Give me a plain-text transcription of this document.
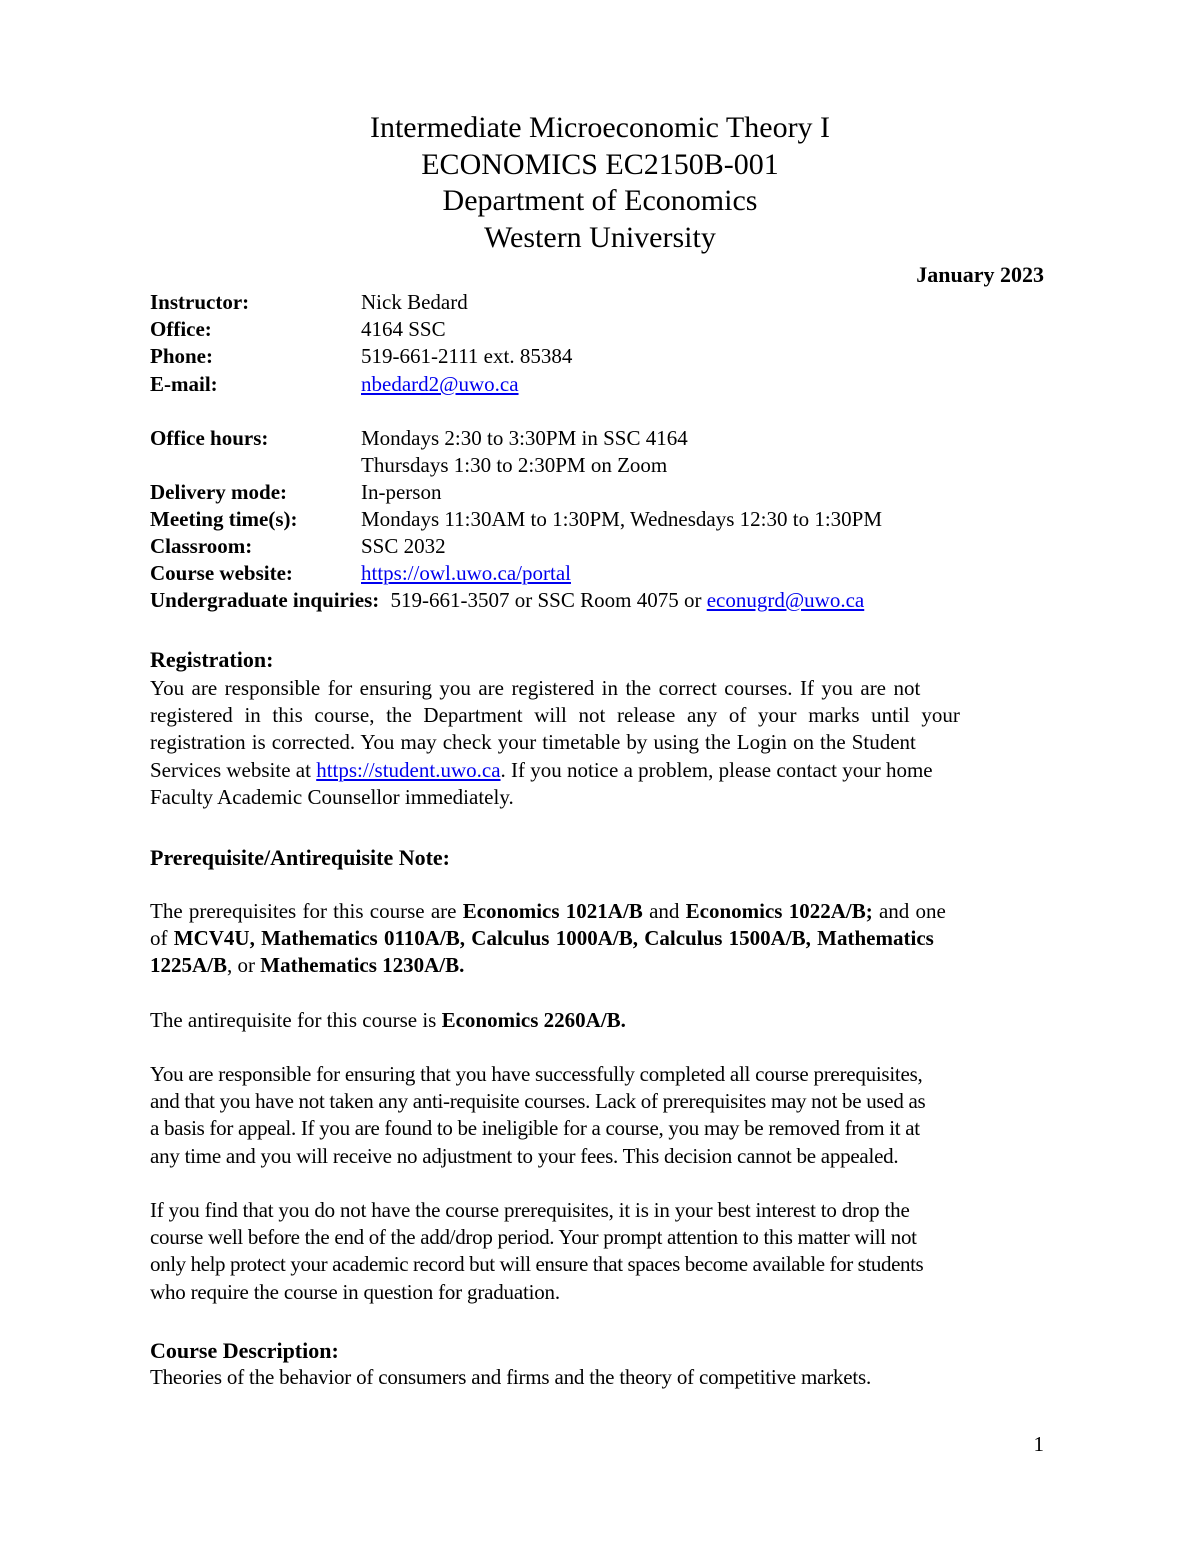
Intermediate Microeconomic Theory I
ECONOMICS EC2150B-001
Department of Economics
Western University
January 2023
Instructor:	Nick Bedard
Office:	4164 SSC
Phone:	519-661-2111 ext. 85384
E-mail:	nbedard2@uwo.ca
Office hours:	Mondays 2:30 to 3:30PM in SSC 4164
Thursdays 1:30 to 2:30PM on Zoom
Delivery mode:	In-person
Meeting time(s):	Mondays 11:30AM to 1:30PM, Wednesdays 12:30 to 1:30PM
Classroom:	SSC 2032
Course website:	https://owl.uwo.ca/portal
Undergraduate inquiries: 519-661-3507 or SSC Room 4075 or econugrd@uwo.ca
Registration:
You are responsible for ensuring you are registered in the correct courses. If you are not
registered in this course, the Department will not release any of your marks until your
registration is corrected. You may check your timetable by using the Login on the Student
Services website at https://student.uwo.ca. If you notice a problem, please contact your home
Faculty Academic Counsellor immediately.
Prerequisite/Antirequisite Note:
The prerequisites for this course are Economics 1021A/B and Economics 1022A/B; and one
of MCV4U, Mathematics 0110A/B, Calculus 1000A/B, Calculus 1500A/B, Mathematics
1225A/B, or Mathematics 1230A/B.
The antirequisite for this course is Economics 2260A/B.
You are responsible for ensuring that you have successfully completed all course prerequisites,
and that you have not taken any anti-requisite courses. Lack of prerequisites may not be used as
a basis for appeal. If you are found to be ineligible for a course, you may be removed from it at
any time and you will receive no adjustment to your fees. This decision cannot be appealed.
If you find that you do not have the course prerequisites, it is in your best interest to drop the
course well before the end of the add/drop period. Your prompt attention to this matter will not
only help protect your academic record but will ensure that spaces become available for students
who require the course in question for graduation.
Course Description:
Theories of the behavior of consumers and firms and the theory of competitive markets.
1
